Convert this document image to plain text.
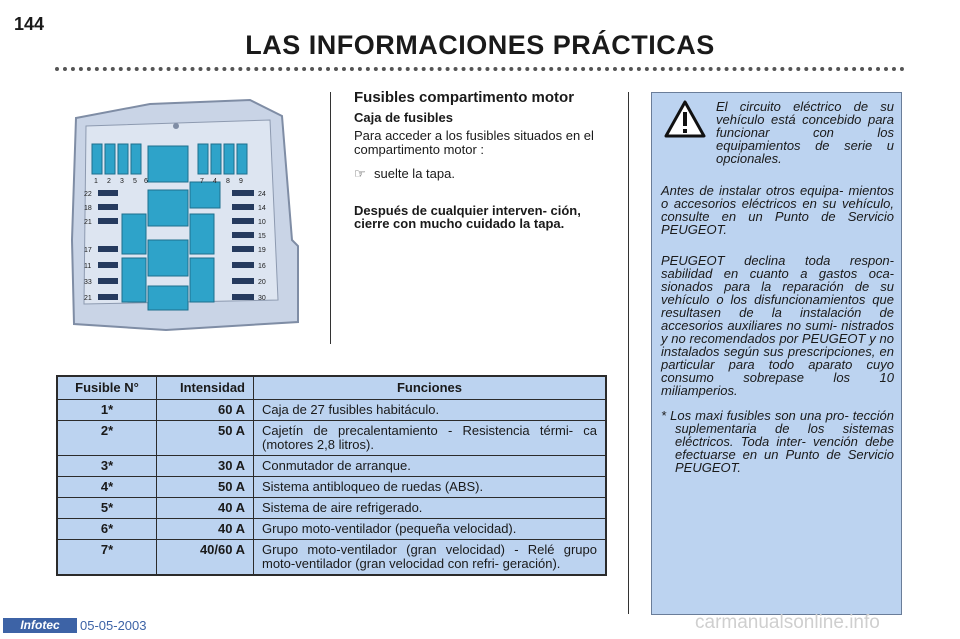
144
LAS INFORMACIONES PRÁCTICAS
1 2 3 5 6	7 4 8 9
22
18
21
17
11
33
21
24
14
10
15
19
16
20
30
Fusibles compartimento motor
Caja de fusibles
Para acceder a los fusibles situados en el compartimento motor :
☞ suelte la tapa.
Después de cualquier interven- ción, cierre con mucho cuidado la tapa.
Fusible N°	Intensidad	Funciones
1*	60 A	Caja de 27 fusibles habitáculo.
2*	50 A	Cajetín de precalentamiento - Resistencia térmi- ca (motores 2,8 litros).
3*	30 A	Conmutador de arranque.
4*	50 A	Sistema antibloqueo de ruedas (ABS).
5*	40 A	Sistema de aire refrigerado.
6*	40 A	Grupo moto-ventilador (pequeña velocidad).
7*	40/60 A	Grupo moto-ventilador (gran velocidad) - Relé grupo moto-ventilador (gran velocidad con refri- geración).
El circuito eléctrico de su vehículo está concebido para funcionar con los equipamientos de serie u opcionales.
Antes de instalar otros equipa- mientos o accesorios eléctricos en su vehículo, consulte en un Punto de Servicio PEUGEOT.
PEUGEOT declina toda respon- sabilidad en cuanto a gastos oca- sionados para la reparación de su vehículo o los disfuncionamientos que resultasen de la instalación de accesorios auxiliares no sumi- nistrados y no recomendados por PEUGEOT y no instalados según sus prescripciones, en particular para todo aparato cuyo consumo sobrepase los 10 miliamperios.
* Los maxi fusibles son una pro- tección suplementaria de los sistemas eléctricos. Toda inter- vención debe efectuarse en un Punto de Servicio PEUGEOT.
Infotec	05-05-2003	carmanualsonline.info
